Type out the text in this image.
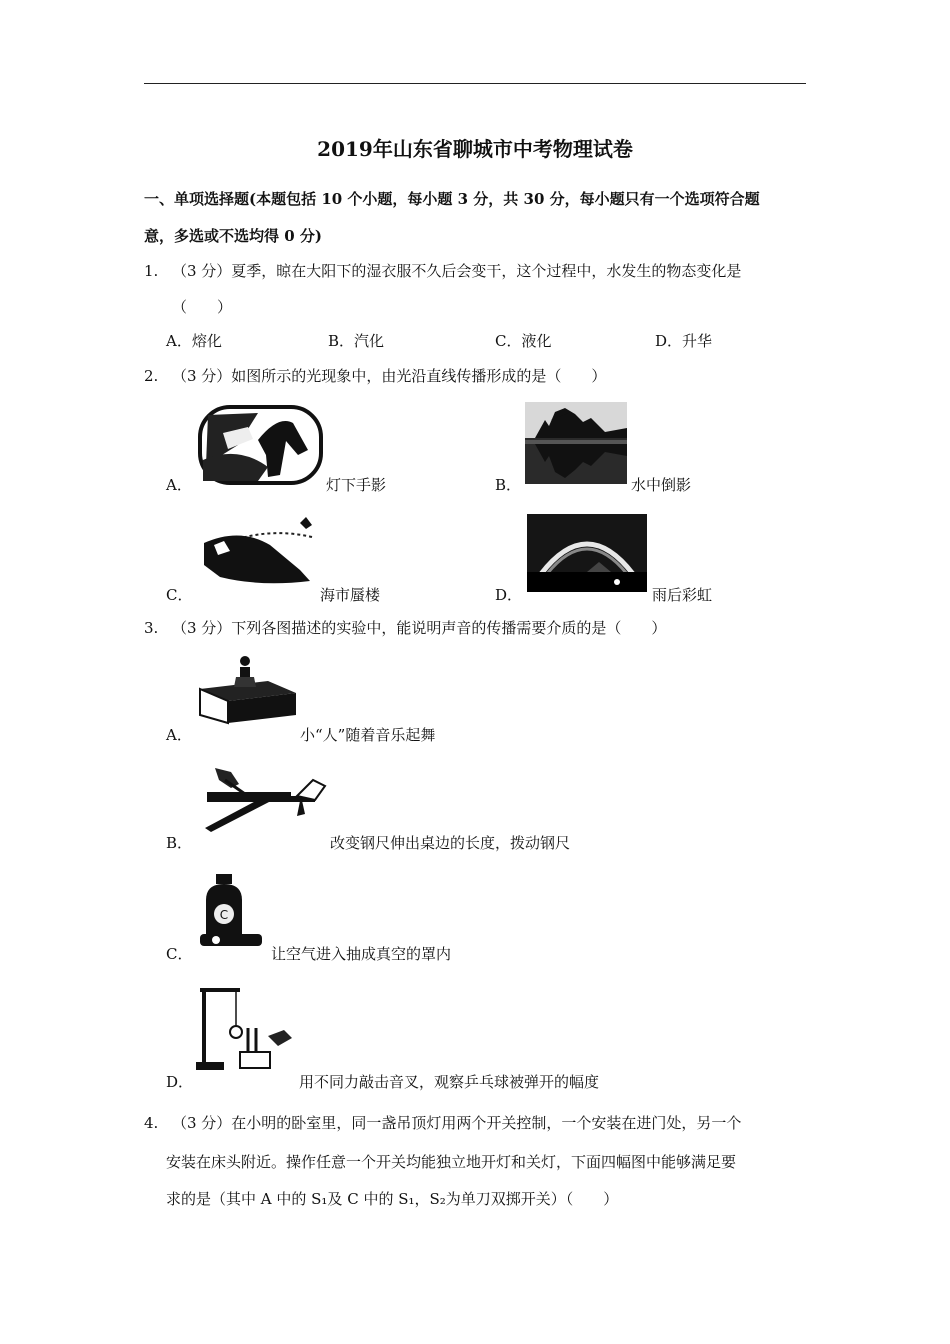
2019年山东省聊城市中考物理试卷
一、单项选择题(本题包括 10 个小题，每小题 3 分，共 30 分，每小题只有一个选项符合题
意，多选或不选均得 0 分)
1. （3 分）夏季，晾在大阳下的湿衣服不久后会变干，这个过程中，水发生的物态变化是
（　　）
A．熔化	B．汽化	C．液化	D．升华
2. （3 分）如图所示的光现象中，由光沿直线传播形成的是（　　）
A．	灯下手影	B．	水中倒影
C．	海市蜃楼	D．	雨后彩虹
3. （3 分）下列各图描述的实验中，能说明声音的传播需要介质的是（　　）
A．	小“人”随着音乐起舞
B．	改变钢尺伸出桌边的长度，拨动钢尺
C
C．	让空气进入抽成真空的罩内
D．	用不同力敲击音叉，观察乒乓球被弹开的幅度
4. （3 分）在小明的卧室里，同一盏吊顶灯用两个开关控制，一个安装在进门处，另一个
安装在床头附近。操作任意一个开关均能独立地开灯和关灯，下面四幅图中能够满足要
求的是（其中 A 中的 S₁及 C 中的 S₁，S₂为单刀双掷开关）（　　）
